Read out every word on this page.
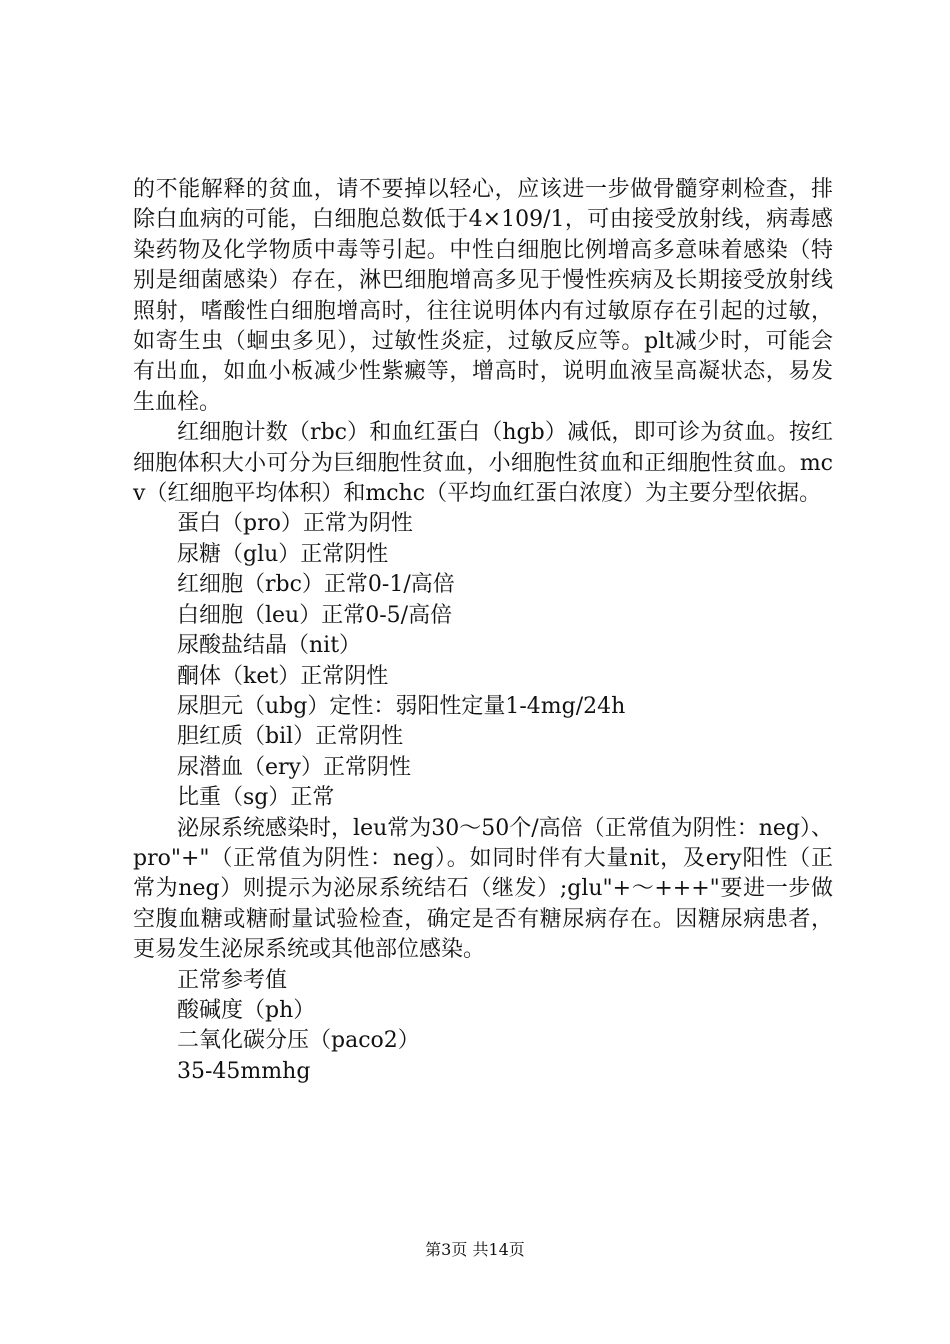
的不能解释的贫血，请不要掉以轻心，应该进一步做骨髓穿刺检查，排除白血病的可能，白细胞总数低于4×109/1，可由接受放射线，病毒感染药物及化学物质中毒等引起。中性白细胞比例增高多意味着感染（特别是细菌感染）存在，淋巴细胞增高多见于慢性疾病及长期接受放射线照射，嗜酸性白细胞增高时，往往说明体内有过敏原存在引起的过敏，如寄生虫（蛔虫多见），过敏性炎症，过敏反应等。plt减少时，可能会有出血，如血小板减少性紫癜等，增高时，说明血液呈高凝状态，易发生血栓。

红细胞计数（rbc）和血红蛋白（hgb）减低，即可诊为贫血。按红细胞体积大小可分为巨细胞性贫血，小细胞性贫血和正细胞性贫血。mcv（红细胞平均体积）和mchc（平均血红蛋白浓度）为主要分型依据。

蛋白（pro）正常为阴性

尿糖（glu）正常阴性

红细胞（rbc）正常0-1/高倍

白细胞（leu）正常0-5/高倍

尿酸盐结晶（nit）

酮体（ket）正常阴性

尿胆元（ubg）定性：弱阳性定量1-4mg/24h

胆红质（bil）正常阴性

尿潜血（ery）正常阴性

比重（sg）正常

泌尿系统感染时，leu常为30～50个/高倍（正常值为阴性：neg）、pro"+"（正常值为阴性：neg）。如同时伴有大量nit，及ery阳性（正常为neg）则提示为泌尿系统结石（继发）;glu"+～+++"要进一步做空腹血糖或糖耐量试验检查，确定是否有糖尿病存在。因糖尿病患者，更易发生泌尿系统或其他部位感染。

正常参考值

酸碱度（ph）

二氧化碳分压（paco2）

35-45mmhg

第3页 共14页
